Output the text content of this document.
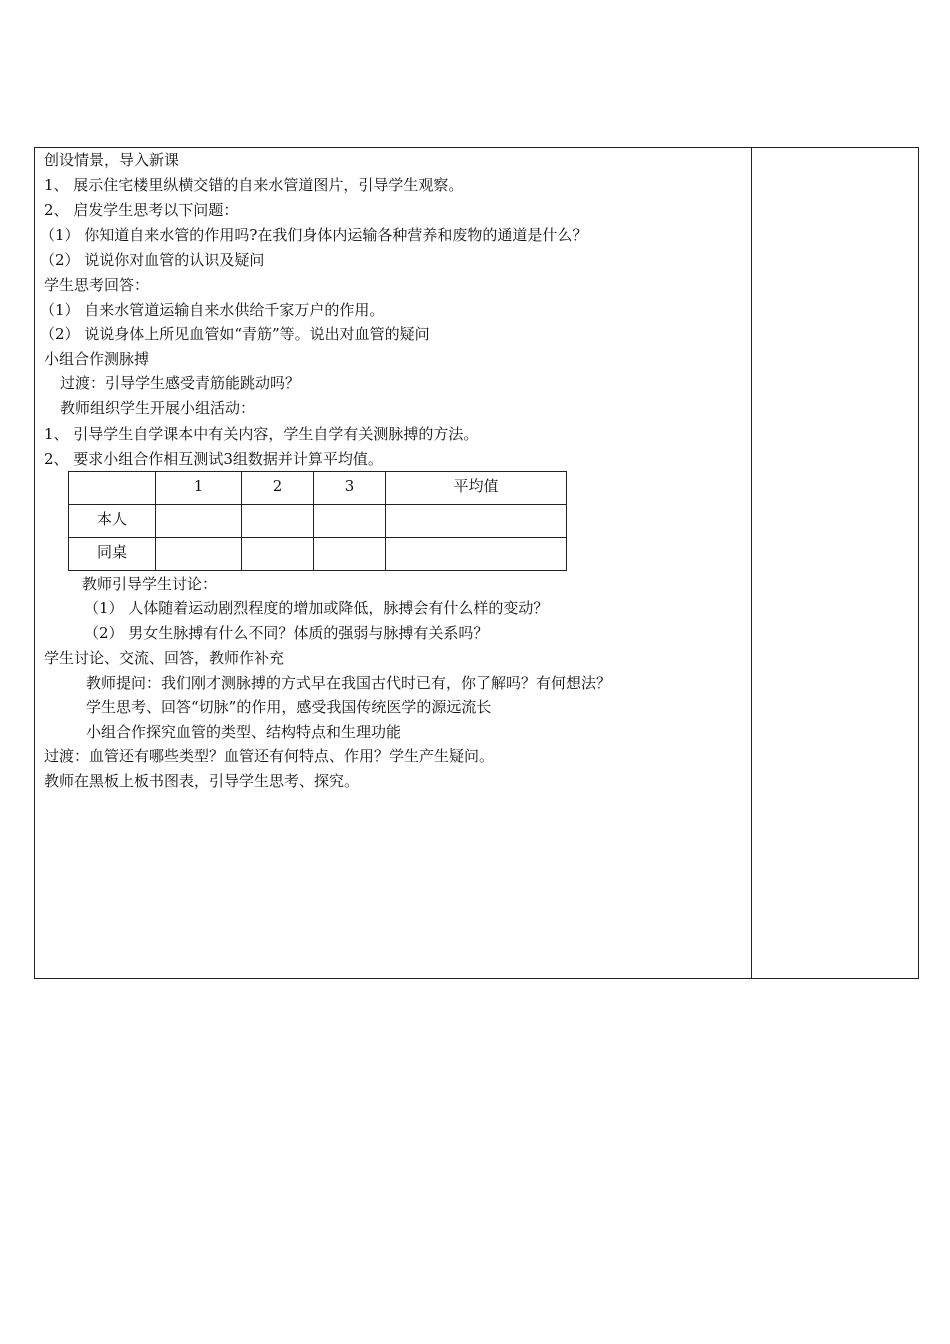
创设情景，导入新课
1、 展示住宅楼里纵横交错的自来水管道图片，引导学生观察。
2、 启发学生思考以下问题：
（1） 你知道自来水管的作用吗?在我们身体内运输各种营养和废物的通道是什么？
（2） 说说你对血管的认识及疑问
学生思考回答：
（1） 自来水管道运输自来水供给千家万户的作用。
（2） 说说身体上所见血管如“青筋”等。说出对血管的疑问
小组合作测脉搏
过渡：引导学生感受青筋能跳动吗？
教师组织学生开展小组活动：
1、 引导学生自学课本中有关内容，学生自学有关测脉搏的方法。
2、 要求小组合作相互测试3组数据并计算平均值。
	1	2	3	平均值
本人				
同桌				
教师引导学生讨论：
（1） 人体随着运动剧烈程度的增加或降低，脉搏会有什么样的变动？
（2） 男女生脉搏有什么不同？体质的强弱与脉搏有关系吗？
学生讨论、交流、回答，教师作补充
教师提问：我们刚才测脉搏的方式早在我国古代时已有，你了解吗？有何想法？
学生思考、回答“切脉”的作用，感受我国传统医学的源远流长
小组合作探究血管的类型、结构特点和生理功能
过渡：血管还有哪些类型？血管还有何特点、作用？学生产生疑问。
教师在黑板上板书图表，引导学生思考、探究。
